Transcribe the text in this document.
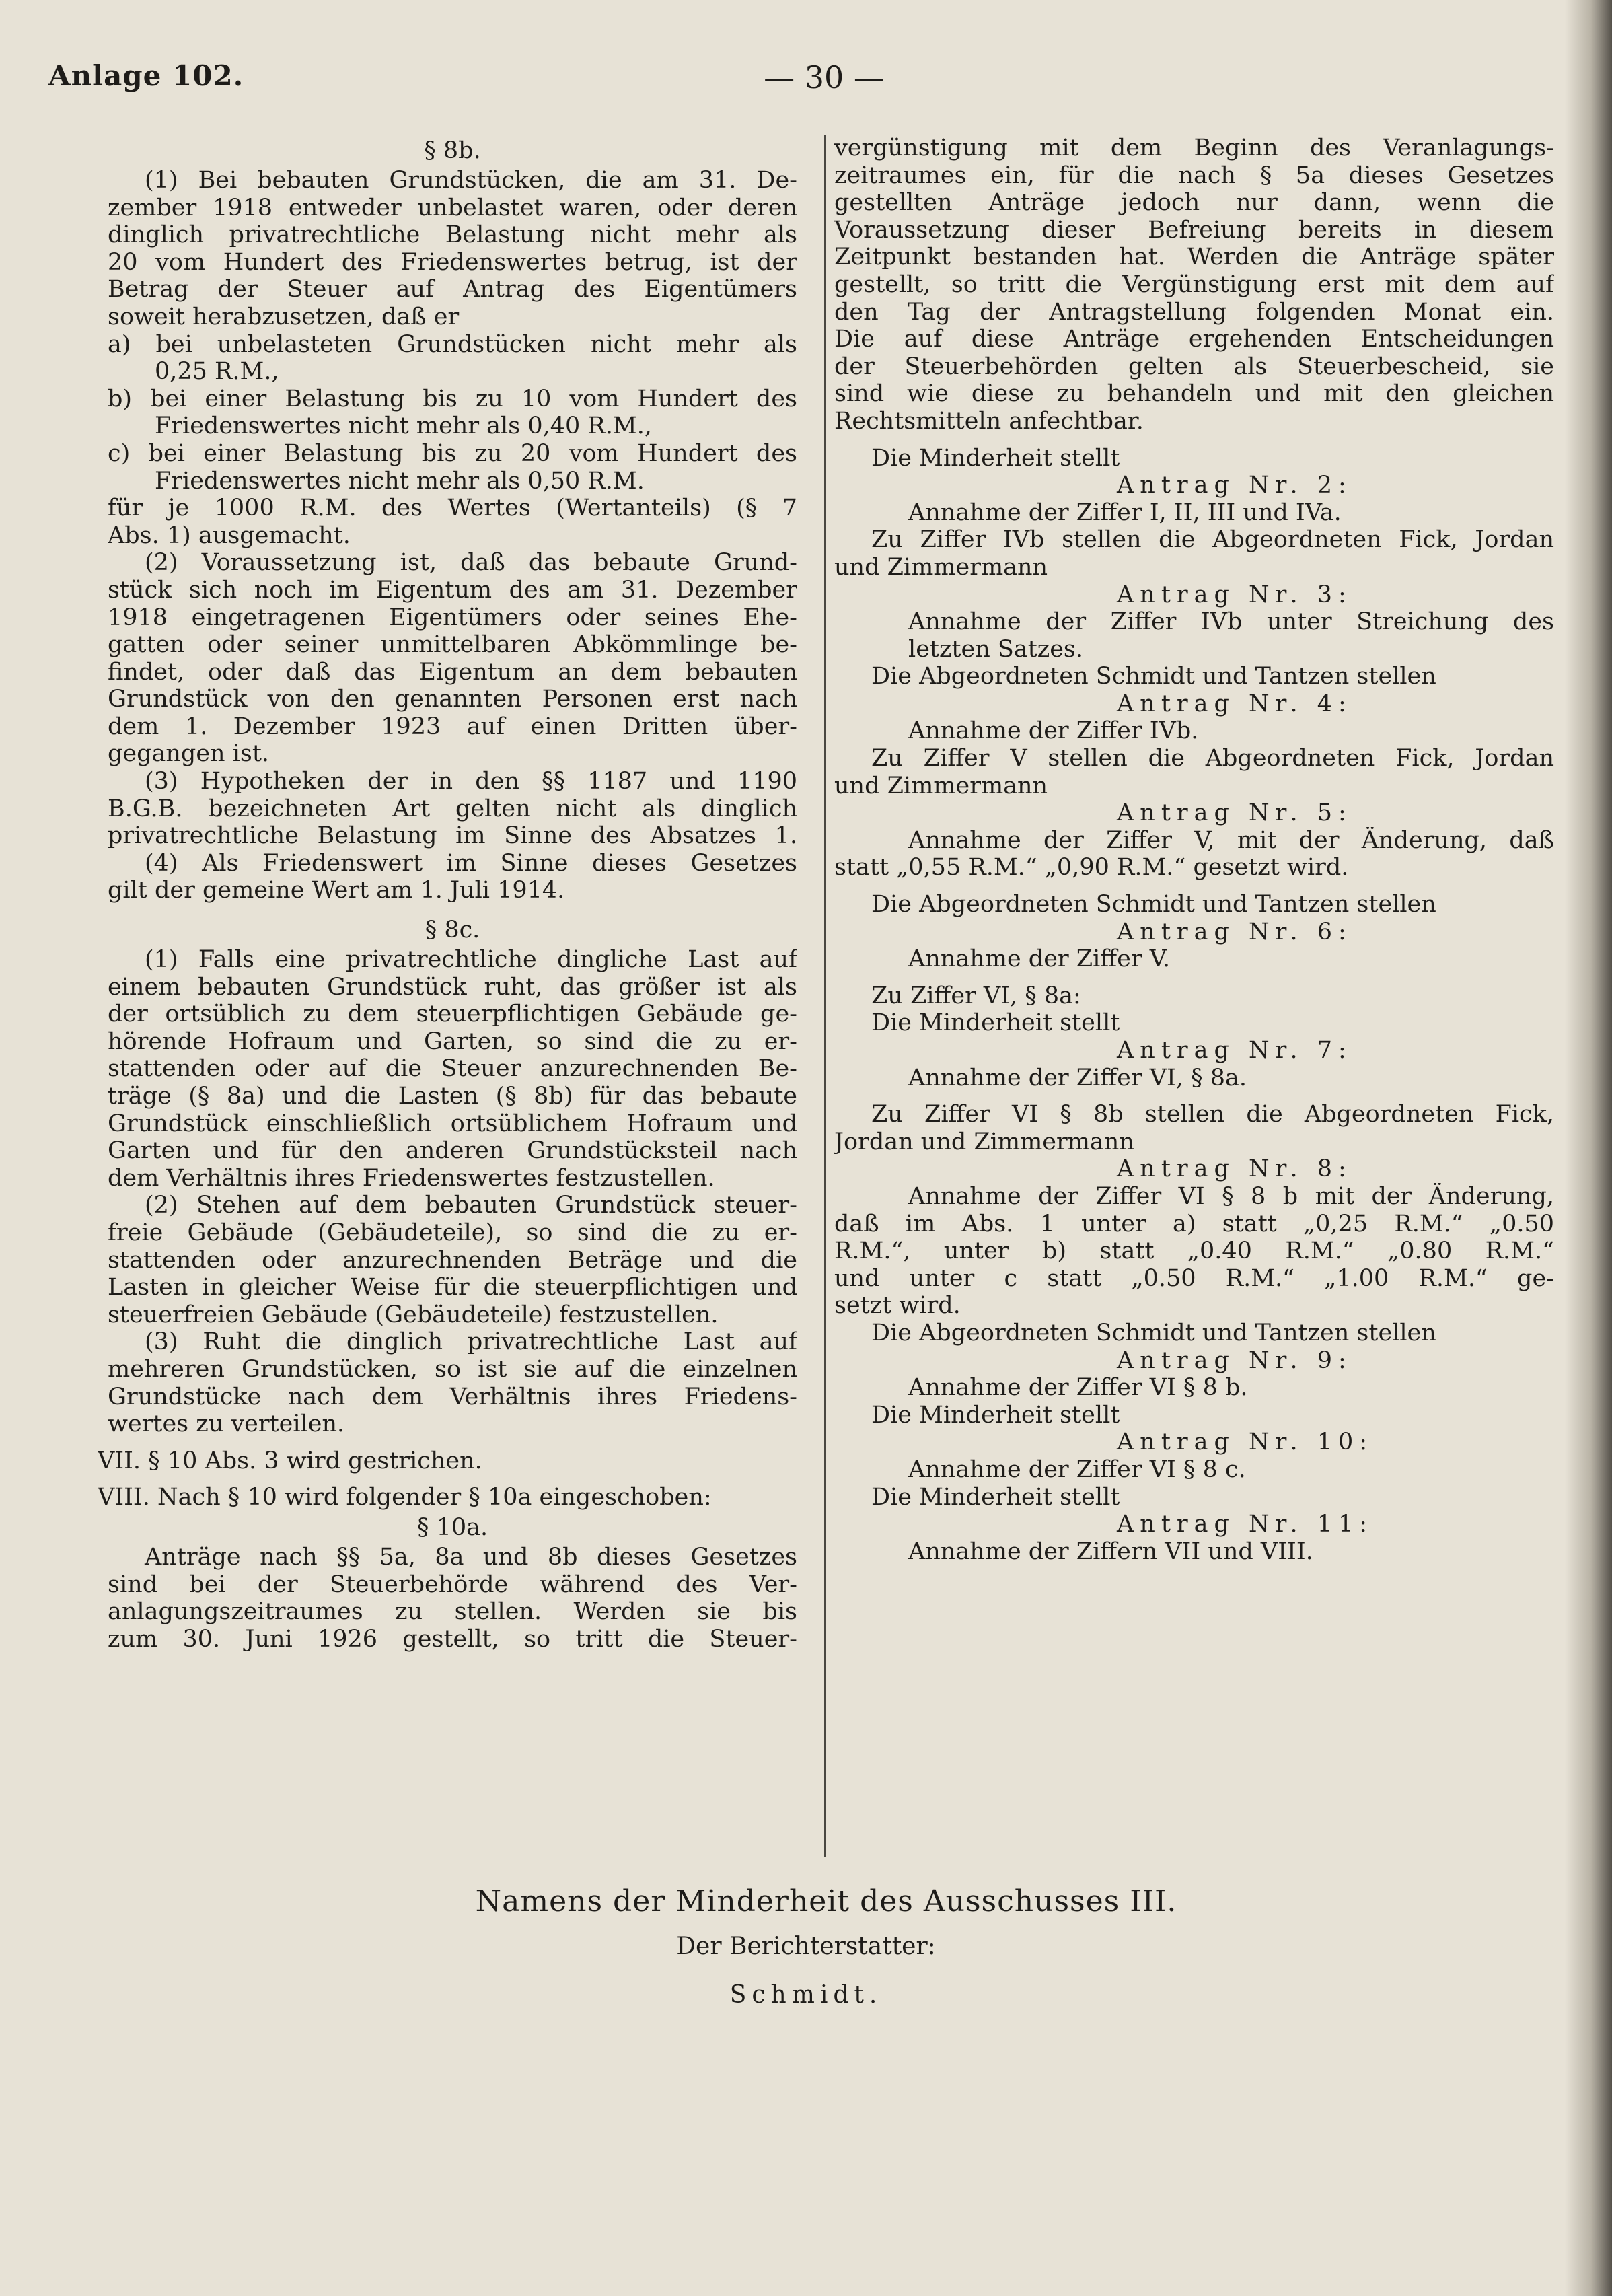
Anlage 102.	— 30 —
§ 8b.
(1) Bei bebauten Grundstücken, die am 31. De-
zember 1918 entweder unbelastet waren, oder deren
dinglich privatrechtliche Belastung nicht mehr als
20 vom Hundert des Friedenswertes betrug, ist der
Betrag der Steuer auf Antrag des Eigentümers
soweit herabzusetzen, daß er
a) bei unbelasteten Grundstücken nicht mehr als
0,25 R.M.,
b) bei einer Belastung bis zu 10 vom Hundert des
Friedenswertes nicht mehr als 0,40 R.M.,
c) bei einer Belastung bis zu 20 vom Hundert des
Friedenswertes nicht mehr als 0,50 R.M.
für je 1000 R.M. des Wertes (Wertanteils) (§ 7
Abs. 1) ausgemacht.
(2) Voraussetzung ist, daß das bebaute Grund-
stück sich noch im Eigentum des am 31. Dezember
1918 eingetragenen Eigentümers oder seines Ehe-
gatten oder seiner unmittelbaren Abkömmlinge be-
findet, oder daß das Eigentum an dem bebauten
Grundstück von den genannten Personen erst nach
dem 1. Dezember 1923 auf einen Dritten über-
gegangen ist.
(3) Hypotheken der in den §§ 1187 und 1190
B.G.B. bezeichneten Art gelten nicht als dinglich
privatrechtliche Belastung im Sinne des Absatzes 1.
(4) Als Friedenswert im Sinne dieses Gesetzes
gilt der gemeine Wert am 1. Juli 1914.
§ 8c.
(1) Falls eine privatrechtliche dingliche Last auf
einem bebauten Grundstück ruht, das größer ist als
der ortsüblich zu dem steuerpflichtigen Gebäude ge-
hörende Hofraum und Garten, so sind die zu er-
stattenden oder auf die Steuer anzurechnenden Be-
träge (§ 8a) und die Lasten (§ 8b) für das bebaute
Grundstück einschließlich ortsüblichem Hofraum und
Garten und für den anderen Grundstücksteil nach
dem Verhältnis ihres Friedenswertes festzustellen.
(2) Stehen auf dem bebauten Grundstück steuer-
freie Gebäude (Gebäudeteile), so sind die zu er-
stattenden oder anzurechnenden Beträge und die
Lasten in gleicher Weise für die steuerpflichtigen und
steuerfreien Gebäude (Gebäudeteile) festzustellen.
(3) Ruht die dinglich privatrechtliche Last auf
mehreren Grundstücken, so ist sie auf die einzelnen
Grundstücke nach dem Verhältnis ihres Friedens-
wertes zu verteilen.
VII. § 10 Abs. 3 wird gestrichen.
VIII. Nach § 10 wird folgender § 10a eingeschoben:
§ 10a.
Anträge nach §§ 5a, 8a und 8b dieses Gesetzes
sind bei der Steuerbehörde während des Ver-
anlagungszeitraumes zu stellen. Werden sie bis
zum 30. Juni 1926 gestellt, so tritt die Steuer-
vergünstigung mit dem Beginn des Veranlagungs-
zeitraumes ein, für die nach § 5a dieses Gesetzes
gestellten Anträge jedoch nur dann, wenn die
Voraussetzung dieser Befreiung bereits in diesem
Zeitpunkt bestanden hat. Werden die Anträge später
gestellt, so tritt die Vergünstigung erst mit dem auf
den Tag der Antragstellung folgenden Monat ein.
Die auf diese Anträge ergehenden Entscheidungen
der Steuerbehörden gelten als Steuerbescheid, sie
sind wie diese zu behandeln und mit den gleichen
Rechtsmitteln anfechtbar.
Die Minderheit stellt
Antrag Nr. 2:
Annahme der Ziffer I, II, III und IVa.
Zu Ziffer IVb stellen die Abgeordneten Fick, Jordan
und Zimmermann
Antrag Nr. 3:
Annahme der Ziffer IVb unter Streichung des
letzten Satzes.
Die Abgeordneten Schmidt und Tantzen stellen
Antrag Nr. 4:
Annahme der Ziffer IVb.
Zu Ziffer V stellen die Abgeordneten Fick, Jordan
und Zimmermann
Antrag Nr. 5:
Annahme der Ziffer V, mit der Änderung, daß
statt „0,55 R.M.“ „0,90 R.M.“ gesetzt wird.
Die Abgeordneten Schmidt und Tantzen stellen
Antrag Nr. 6:
Annahme der Ziffer V.
Zu Ziffer VI, § 8a:
Die Minderheit stellt
Antrag Nr. 7:
Annahme der Ziffer VI, § 8a.
Zu Ziffer VI § 8b stellen die Abgeordneten Fick,
Jordan und Zimmermann
Antrag Nr. 8:
Annahme der Ziffer VI § 8 b mit der Änderung,
daß im Abs. 1 unter a) statt „0,25 R.M.“ „0.50
R.M.“, unter b) statt „0.40 R.M.“ „0.80 R.M.“
und unter c statt „0.50 R.M.“ „1.00 R.M.“ ge-
setzt wird.
Die Abgeordneten Schmidt und Tantzen stellen
Antrag Nr. 9:
Annahme der Ziffer VI § 8 b.
Die Minderheit stellt
Antrag Nr. 10:
Annahme der Ziffer VI § 8 c.
Die Minderheit stellt
Antrag Nr. 11:
Annahme der Ziffern VII und VIII.
Namens der Minderheit des Ausschusses III.
Der Berichterstatter:
Schmidt.
